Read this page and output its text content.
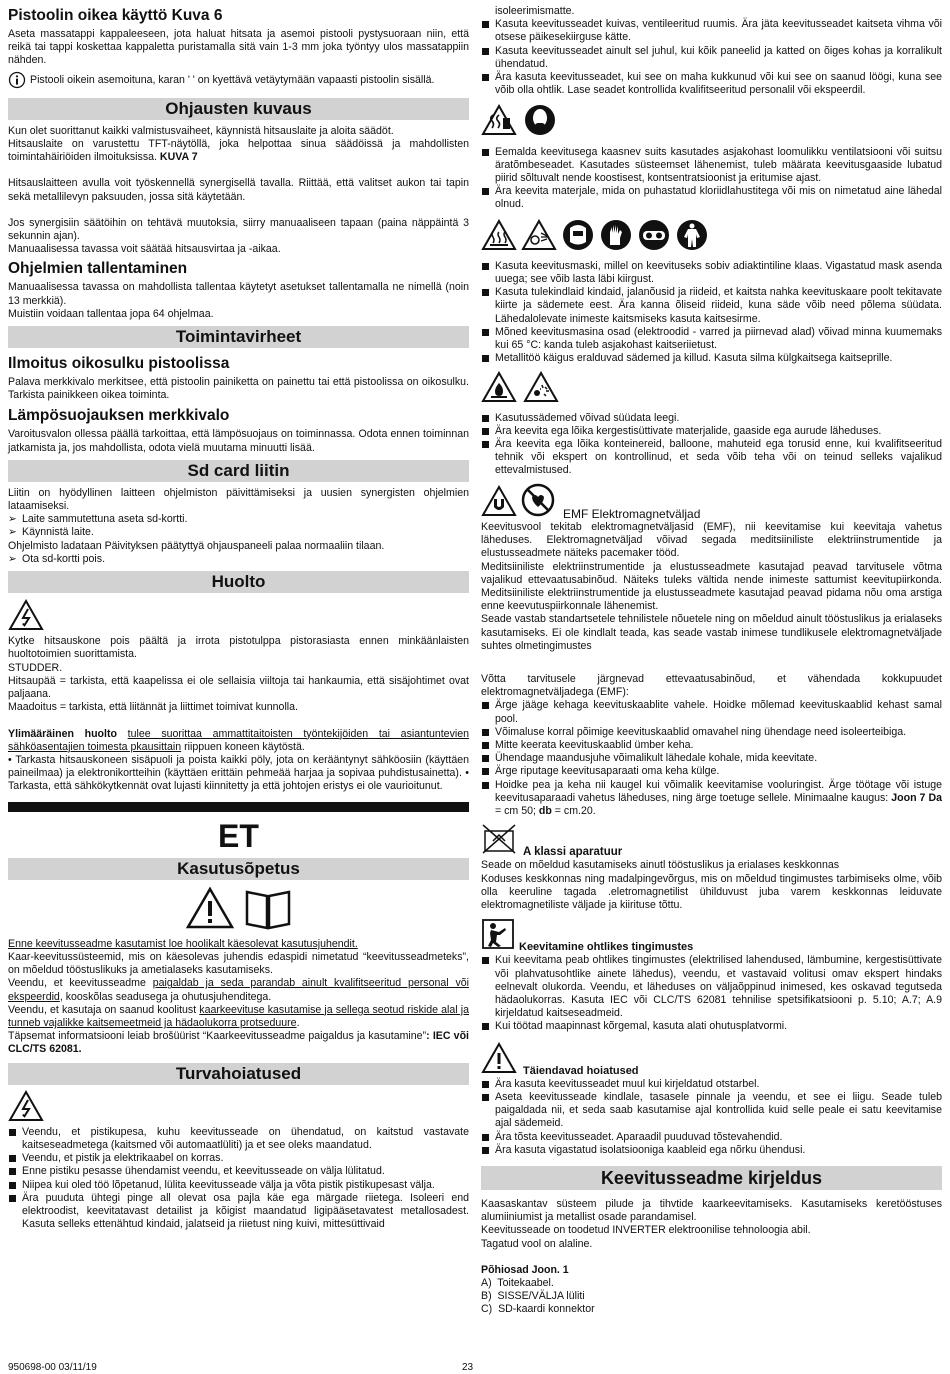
Pistoolin oikea käyttö Kuva 6

Aseta massatappi kappaleeseen, jota haluat hitsata ja asemoi pistooli pystysuoraan niin, että reikä tai tappi koskettaa kappaletta puristamalla sitä vain 1-3 mm joka työntyy ulos massatappiin nähden.

Pistooli oikein asemoituna, karan ' ' on kyettävä vetäytymään vapaasti pistoolin sisällä.
Ohjausten kuvaus

Kun olet suorittanut kaikki valmistusvaiheet, käynnistä hitsauslaite ja aloita säädöt.

Hitsauslaite on varustettu TFT-näytöllä, joka helpottaa sinua säädöissä ja mahdollisten toimintahäiriöiden ilmoituksissa. KUVA 7

Hitsauslaitteen avulla voit työskennellä synergisellä tavalla. Riittää, että valitset aukon tai tapin sekä metallilevyn paksuuden, jossa sitä käytetään.

Jos synergisiin säätöihin on tehtävä muutoksia, siirry manuaaliseen tapaan (paina näppäintä 3 sekunnin ajan).

Manuaalisessa tavassa voit säätää hitsausvirtaa ja -aikaa.

Ohjelmien tallentaminen

Manuaalisessa tavassa on mahdollista tallentaa käytetyt asetukset tallentamalla ne nimellä (noin 13 merkkiä).

Muistiin voidaan tallentaa jopa 64 ohjelmaa.

Toimintavirheet
Ilmoitus oikosulku pistoolissa

Palava merkkivalo merkitsee, että pistoolin painiketta on painettu tai että pistoolissa on oikosulku. Tarkista painikkeen oikea toiminta.

Lämpösuojauksen merkkivalo

Varoitusvalon ollessa päällä tarkoittaa, että lämpösuojaus on toiminnassa. Odota ennen toiminnan jatkamista ja, jos mahdollista, odota vielä muutama minuutti lisää.

Sd card liitin

Liitin on hyödyllinen laitteen ohjelmiston päivittämiseksi ja uusien synergisten ohjelmien lataamiseksi.

➢ Laite sammutettuna aseta sd-kortti.
➢ Käynnistä laite.

Ohjelmisto ladataan Päivityksen päätyttyä ohjauspaneeli palaa normaaliin tilaan.

➢ Ota sd-kortti pois.
Huolto

Kytke hitsauskone pois päältä ja irrota pistotulppa pistorasiasta ennen minkäänlaisten huoltotoimien suorittamista.

STUDDER.

Hitsaupää = tarkista, että kaapelissa ei ole sellaisia viiltoja tai hankaumia, että sisäjohtimet ovat paljaana.

Maadoitus = tarkista, että liitännät ja liittimet toimivat kunnolla.

Ylimääräinen huolto tulee suorittaa ammattitaitoisten työntekijöiden tai asiantuntevien sähköasentajien toimesta pkausittain riippuen koneen käytöstä.

• Tarkasta hitsauskoneen sisäpuoli ja poista kaikki pöly, jota on kerääntynyt sähköosiin (käyttäen paineilmaa) ja elektronikortteihin (käyttäen erittäin pehmeää harjaa ja sopivaa puhdistusainetta). • Tarkasta, että sähkökytkennät ovat lujasti kiinnitetty ja että johtojen eristys ei ole vaurioitunut.

ET
Kasutusõpetus

Enne keevitusseadme kasutamist loe hoolikalt käesolevat kasutusjuhendit.

Kaar-keevitussüsteemid, mis on käesolevas juhendis edaspidi nimetatud “keevitusseadmeteks”, on mõeldud tööstuslikuks ja ametialaseks kasutamiseks.

Veendu, et keevitusseadme paigaldab ja seda parandab ainult kvalifitseeritud personal või ekspeerdid, kooskõlas seadusega ja ohutusjuhenditega.

Veendu, et kasutaja on saanud koolitust kaarkeevituse kasutamise ja sellega seotud riskide alal ja tunneb vajalikke kaitsemeetmeid ja hädaolukorra protseduure.

Täpsemat informatsiooni leiab brošüürist “Kaarkeevitusseadme paigaldus ja kasutamine”: IEC või CLC/TS 62081.

Turvahoiatused
Veendu, et pistikupesa, kuhu keevitusseade on ühendatud, on kaitstud vastavate kaitseseadmetega (kaitsmed või automaatlüliti) ja et see oleks maandatud.
Veendu, et pistik ja elektrikaabel on korras.
Enne pistiku pesasse ühendamist veendu, et keevitusseade on välja lülitatud.
Niipea kui oled töö lõpetanud, lülita keevitusseade välja ja võta pistik pistikupesast välja.
Ära puuduta ühtegi pinge all olevat osa pajla käe ega märgade riietega. Isoleeri end elektroodist, keevitatavast detailist ja kõigist maandatud ligipääsetavatest metallosadest. Kasuta selleks ettenähtud kindaid, jalatseid ja riietust ning kuivi, mittesüttivaid

isoleerimismatte.

Kasuta keevitusseadet kuivas, ventileeritud ruumis. Ära jäta keevitusseadet kaitseta vihma või otsese päikesekiirguse kätte.
Kasuta keevitusseadet ainult sel juhul, kui kõik paneelid ja katted on õiges kohas ja korralikult ühendatud.
Ära kasuta keevitusseadet, kui see on maha kukkunud või kui see on saanud löögi, kuna see võib olla ohtlik. Lase seadet kontrollida kvalifitseeritud personalil või ekspeerdil.
Eemalda keevitusega kaasnev suits kasutades asjakohast loomulikku ventilatsiooni või suitsu äratõmbeseadet. Kasutades süsteemset lähenemist, tuleb määrata keevitusgaaside lubatud piirid sõltuvalt nende koostisest, kontsentratsioonist ja eritumise ajast.
Ära keevita materjale, mida on puhastatud kloriidlahustitega või mis on nimetatud aine lähedal olnud.
Kasuta keevitusmaski, millel on keevituseks sobiv adiaktintiline klaas. Vigastatud mask asenda uuega; see võib lasta läbi kiirgust.
Kasuta tulekindlaid kindaid, jalanõusid ja riideid, et kaitsta nahka keevituskaare poolt tekitavate kiirte ja sädemete eest. Ära kanna õliseid riideid, kuna säde võib need põlema süüdata. Lähedalolevate inimeste kaitsmiseks kasuta kaitsesirme.
Mõned keevitusmasina osad (elektroodid - varred ja piirnevad alad) võivad minna kuumemaks kui 65 °C: kanda tuleb asjakohast kaitseriietust.
Metallitöö käigus eralduvad sädemed ja killud. Kasuta silma külgkaitsega kaitseprille.
Kasutussädemed võivad süüdata leegi.
Ära keevita ega lõika kergestisüttivate materjalide, gaaside ega aurude läheduses.
Ära keevita ega lõika konteinereid, balloone, mahuteid ega torusid enne, kui kvalifitseeritud tehnik või ekspert on kontrollinud, et seda võib teha või on teinud selleks vajalikud ettevalmistused.
EMF Elektromagnetväljad

Keevitusvool tekitab elektromagnetväljasid (EMF), nii keevitamise kui keevitaja vahetus läheduses. Elektromagnetväljad võivad segada meditsiiniliste elektriinstrumentide ja elustusseadmete näiteks pacemaker tööd.

Meditsiiniliste elektriinstrumentide ja elustusseadmete kasutajad peavad tarvitusele võtma vajalikud ettevaatusabinõud. Näiteks tuleks vältida nende inimeste sattumist keevitupiirkonda. Meditsiiniliste elektriinstrumentide ja elustusseadmete kasutajad peavad pidama nõu oma arstiga enne keevutuspiirkonnale lähenemist.

Seade vastab standartsetele tehnilistele nõuetele ning on mõeldud ainult tööstuslikus ja erialaseks kasutamiseks. Ei ole kindlalt teada, kas seade vastab inimese tundlikusele elektromagnetväljade suhtes olmetingimustes

Võtta tarvitusele järgnevad ettevaatusabinõud, et vähendada kokkupuudet elektromagnetväljadega (EMF):

Ärge jääge kehaga keevituskaablite vahele. Hoidke mõlemad keevituskaablid kehast samal pool.
Võimaluse korral põimige keevituskaablid omavahel ning ühendage need isoleerteibiga.
Mitte keerata keevituskaablid ümber keha.
Ühendage maandusjuhe võimalikult lähedale kohale, mida keevitate.
Ärge riputage keevitusaparaati oma keha külge.
Hoidke pea ja keha nii kaugel kui võimalik keevitamise vooluringist. Ärge töötage või istuge keevitusaparaadi vahetus läheduses, ning ärge toetuge sellele. Minimaalne kaugus: Joon 7 Da = cm 50; db = cm.20.
A klassi aparatuur

Seade on mõeldud kasutamiseks ainutl tööstuslikus ja erialases keskkonnas

Koduses keskkonnas ning madalpingevõrgus, mis on mõeldud tingimustes tarbimiseks olme, võib olla keeruline tagada .eletromagnetilist ühilduvust juba varem keskkonnas leiduvate elektromagnetiliste väljade ja kiirituse tõttu.

Keevitamine ohtlikes tingimustes
Kui keevitama peab ohtlikes tingimustes (elektrilised lahendused, lämbumine, kergestisüttivate või plahvatusohtlike ainete lähedus), veendu, et vastavaid volitusi omav ekspert hindaks eelnevalt olukorda. Veendu, et läheduses on väljaõppinud inimesed, kes oskavad tegutseda hädaolukorras. Kasuta IEC või CLC/TS 62081 tehnilise spetsifikatsiooni p. 5.10; A.7; A.9 kirjeldatud kaitseseadmeid.
Kui töötad maapinnast kõrgemal, kasuta alati ohutusplatvormi.
Täiendavad hoiatused
Ära kasuta keevitusseadet muul kui kirjeldatud otstarbel.
Aseta keevitusseade kindlale, tasasele pinnale ja veendu, et see ei liigu. Seade tuleb paigaldada nii, et seda saab kasutamise ajal kontrollida kuid selle peale ei satu keevitamise ajal sädemeid.
Ära tõsta keevitusseadet. Aparaadil puuduvad tõstevahendid.
Ära kasuta vigastatud isolatsiooniga kaableid ega nõrku ühendusi.
Keevitusseadme kirjeldus

Kaasaskantav süsteem pilude ja tihvtide kaarkeevitamiseks. Kasutamiseks keretööstuses alumiiniumist ja metallist osade parandamisel.

Keevitusseade on toodetud INVERTER elektroonilise tehnoloogia abil.

Tagatud vool on alaline.

Põhiosad Joon. 1

A)  Toitekaabel.

B)  SISSE/VÄLJA lüliti

C)  SD-kaardi konnektor

950698-00 03/11/19	23
